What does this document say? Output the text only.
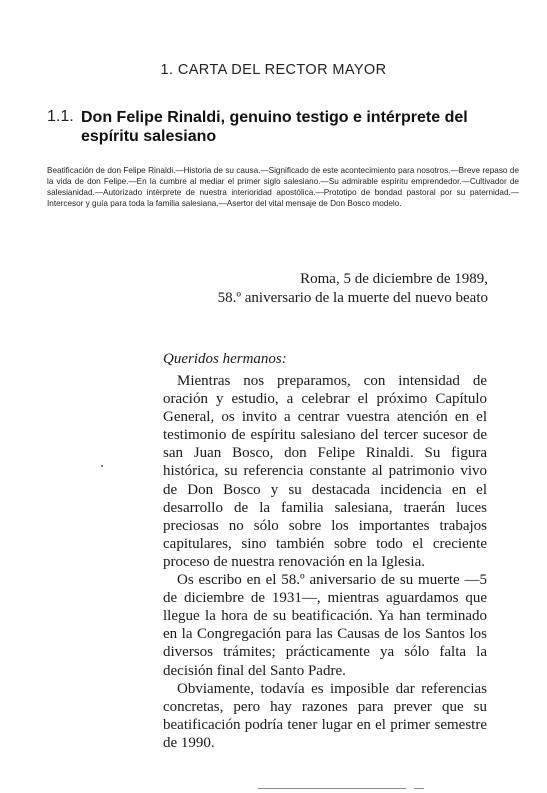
1. CARTA DEL RECTOR MAYOR
1.1. Don Felipe Rinaldi, genuino testigo e intérprete del espíritu salesiano
Beatificación de don Felipe Rinaldi.—Historia de su causa.—Significado de este acontecimiento para nosotros.—Breve repaso de la vida de don Felipe.—En la cumbre al mediar el primer siglo salesiano.—Su admirable espíritu emprendedor.—Cultivador de salesianidad.—Autorizado intérprete de nuestra interioridad apostólica.—Prototipo de bondad pastoral por su paternidad.—Intercesor y guía para toda la familia salesiana.—Asertor del vital mensaje de Don Bosco modelo.
Roma, 5 de diciembre de 1989,
58.º aniversario de la muerte del nuevo beato
Queridos hermanos:

Mientras nos preparamos, con intensidad de oración y estudio, a celebrar el próximo Capítulo General, os invito a centrar vuestra atención en el testimonio de espíritu salesiano del tercer sucesor de san Juan Bosco, don Felipe Rinaldi. Su figura histórica, su referencia constante al patrimonio vivo de Don Bosco y su destacada incidencia en el desarrollo de la familia salesiana, traerán luces preciosas no sólo sobre los importantes trabajos capitulares, sino también sobre todo el creciente proceso de nuestra renovación en la Iglesia.

Os escribo en el 58.º aniversario de su muerte —5 de diciembre de 1931—, mientras aguardamos que llegue la hora de su beatificación. Ya han terminado en la Congregación para las Causas de los Santos los diversos trámites; prácticamente ya sólo falta la decisión final del Santo Padre.

Obviamente, todavía es imposible dar referencias concretas, pero hay razones para prever que su beatificación podría tener lugar en el primer semestre de 1990.
